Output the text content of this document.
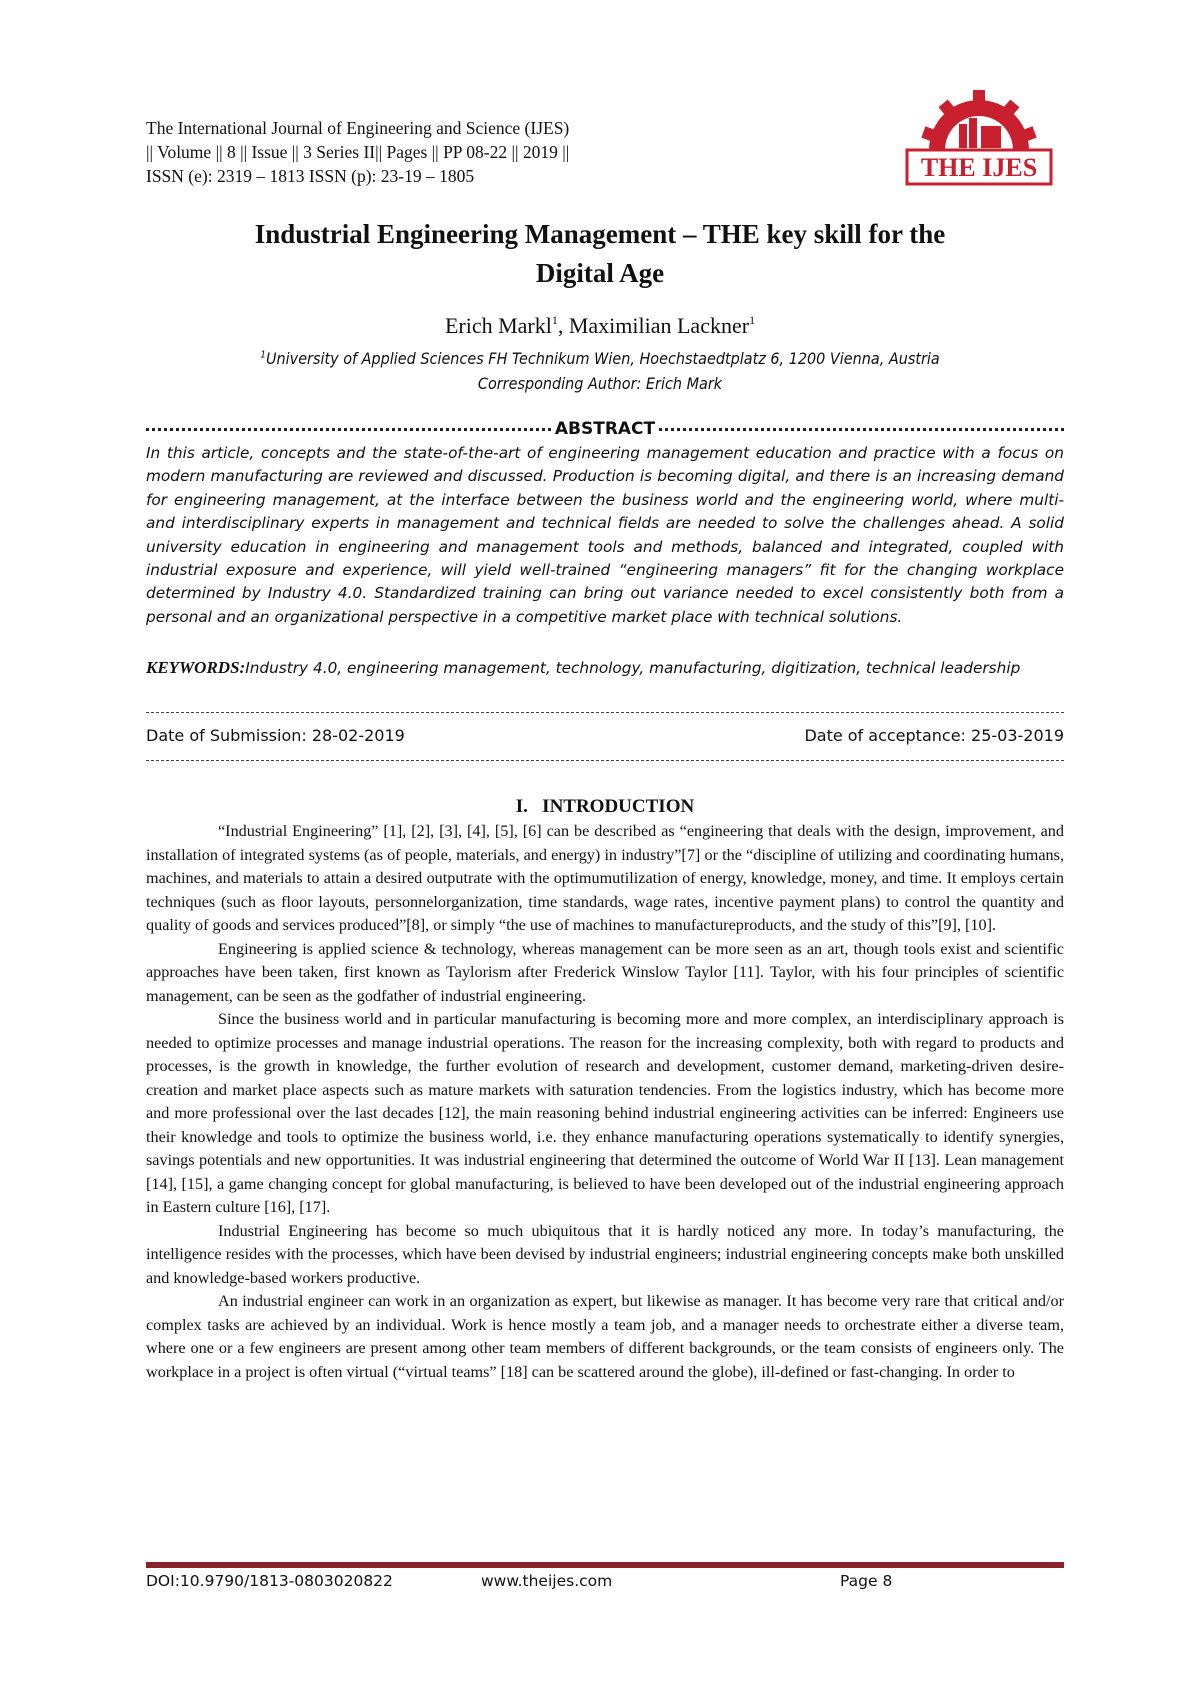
The International Journal of Engineering and Science (IJES)
|| Volume || 8 || Issue || 3 Series II|| Pages || PP 08-22 || 2019 ||
ISSN (e): 2319 – 1813 ISSN (p): 23-19 – 1805	THE IJES
Industrial Engineering Management – THE key skill for the
Digital Age
Erich Markl$^1$, Maximilian Lackner$^1$
$^1$University of Applied Sciences FH Technikum Wien, Hoechstaedtplatz 6, 1200 Vienna, Austria
Corresponding Author: Erich Mark
ABSTRACT
In this article, concepts and the state-of-the-art of engineering management education and practice with a focus on modern manufacturing are reviewed and discussed. Production is becoming digital, and there is an increasing demand for engineering management, at the interface between the business world and the engineering world, where multi- and interdisciplinary experts in management and technical fields are needed to solve the challenges ahead. A solid university education in engineering and management tools and methods, balanced and integrated, coupled with industrial exposure and experience, will yield well-trained “engineering managers” fit for the changing workplace determined by Industry 4.0. Standardized training can bring out variance needed to excel consistently both from a personal and an organizational perspective in a competitive market place with technical solutions.
KEYWORDS:Industry 4.0, engineering management, technology, manufacturing, digitization, technical leadership
Date of Submission: 28-02-2019	Date of acceptance: 25-03-2019
I.   INTRODUCTION

“Industrial Engineering” [1], [2], [3], [4], [5], [6] can be described as “engineering that deals with the design, improvement, and installation of integrated systems (as of people, materials, and energy) in industry”[7] or the “discipline of utilizing and coordinating humans, machines, and materials to attain a desired outputrate with the optimumutilization of energy, knowledge, money, and time. It employs certain techniques (such as floor layouts, personnelorganization, time standards, wage rates, incentive payment plans) to control the quantity and quality of goods and services produced”[8], or simply “the use of machines to manufactureproducts, and the study of this”[9], [10].

Engineering is applied science & technology, whereas management can be more seen as an art, though tools exist and scientific approaches have been taken, first known as Taylorism after Frederick Winslow Taylor [11]. Taylor, with his four principles of scientific management, can be seen as the godfather of industrial engineering.

Since the business world and in particular manufacturing is becoming more and more complex, an interdisciplinary approach is needed to optimize processes and manage industrial operations. The reason for the increasing complexity, both with regard to products and processes, is the growth in knowledge, the further evolution of research and development, customer demand, marketing-driven desire-creation and market place aspects such as mature markets with saturation tendencies. From the logistics industry, which has become more and more professional over the last decades [12], the main reasoning behind industrial engineering activities can be inferred: Engineers use their knowledge and tools to optimize the business world, i.e. they enhance manufacturing operations systematically to identify synergies, savings potentials and new opportunities. It was industrial engineering that determined the outcome of World War II [13]. Lean management [14], [15], a game changing concept for global manufacturing, is believed to have been developed out of the industrial engineering approach in Eastern culture [16], [17].

Industrial Engineering has become so much ubiquitous that it is hardly noticed any more. In today’s manufacturing, the intelligence resides with the processes, which have been devised by industrial engineers; industrial engineering concepts make both unskilled and knowledge-based workers productive.

An industrial engineer can work in an organization as expert, but likewise as manager. It has become very rare that critical and/or complex tasks are achieved by an individual. Work is hence mostly a team job, and a manager needs to orchestrate either a diverse team, where one or a few engineers are present among other team members of different backgrounds, or the team consists of engineers only. The workplace in a project is often virtual (“virtual teams” [18] can be scattered around the globe), ill-defined or fast-changing. In order to

DOI:10.9790/1813-0803020822	www.theijes.com	Page 8
